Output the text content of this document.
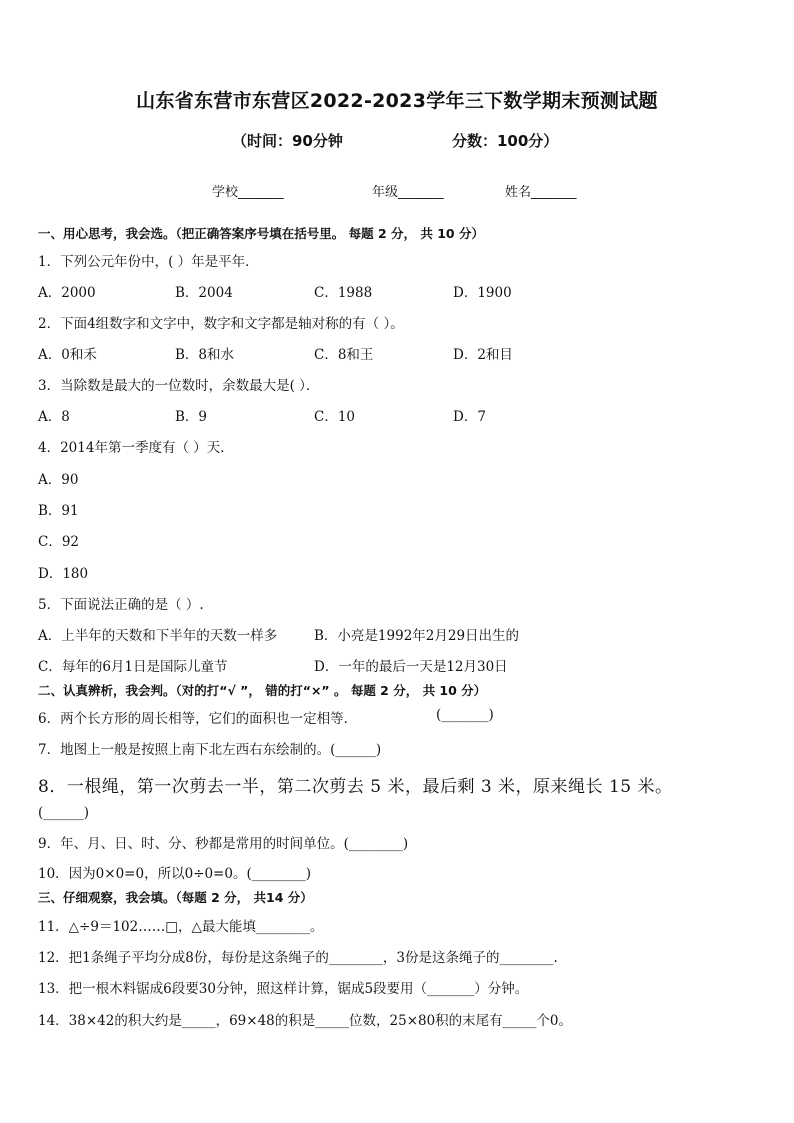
山东省东营市东营区2022-2023学年三下数学期末预测试题
（时间：90分钟	分数：100分）
学校_______	年级_______	姓名_______
一、用心思考，我会选。（把正确答案序号填在括号里。 每题 2 分， 共 10 分）
1．下列公元年份中，( ）年是平年．
A．2000	B．2004	C．1988	D．1900
2．下面4组数字和文字中，数字和文字都是轴对称的有（ ）。
A．0和禾	B．8和水	C．8和王	D．2和目
3．当除数是最大的一位数时，余数最大是( ）．
A．8	B．9	C．10	D．7
4．2014年第一季度有（ ）天．
A．90
B．91
C．92
D．180
5．下面说法正确的是（ ）.
A．上半年的天数和下半年的天数一样多	B．小亮是1992年2月29日出生的
C．每年的6月1日是国际儿童节	D．一年的最后一天是12月30日
二、认真辨析，我会判。（对的打“√ ”， 错的打“×” 。 每题 2 分， 共 10 分）
6．两个长方形的周长相等，它们的面积也一定相等．	(_______)
7．地图上一般是按照上南下北左西右东绘制的。(______)
8．一根绳，第一次剪去一半，第二次剪去 5 米，最后剩 3 米，原来绳长 15 米。
(______)
9．年、月、日、时、分、秒都是常用的时间单位。(________)
10．因为0×0=0，所以0÷0=0。(________)
三、仔细观察，我会填。（每题 2 分， 共14 分）
11．△÷9＝102……□，△最大能填________。
12．把1条绳子平均分成8份，每份是这条绳子的________，3份是这条绳子的________.
13．把一根木料锯成6段要30分钟，照这样计算，锯成5段要用（_______）分钟。
14．38×42的积大约是_____，69×48的积是_____位数，25×80积的末尾有_____个0。
